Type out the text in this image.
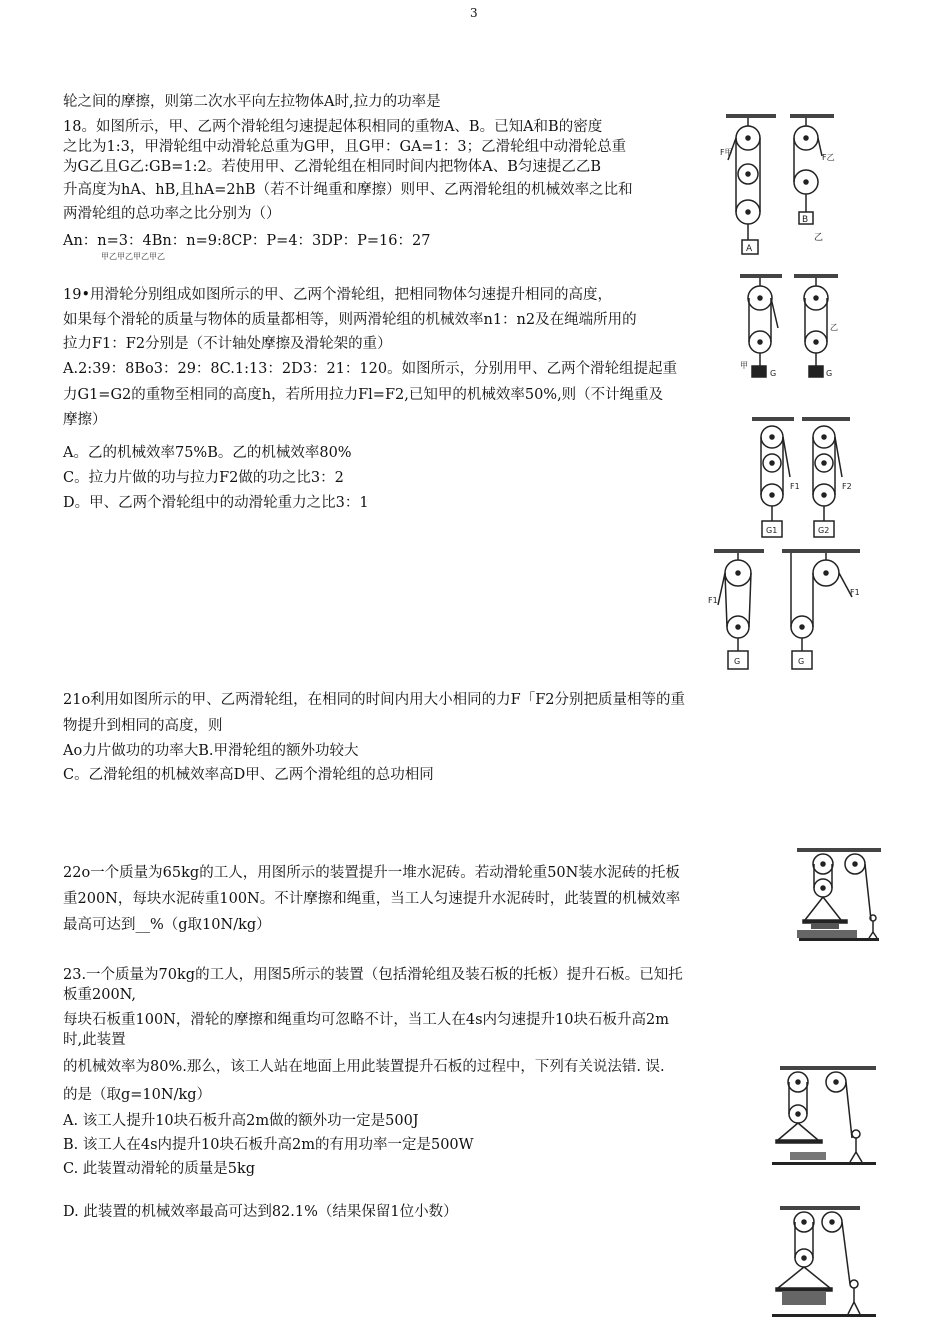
3
轮之间的摩擦，则第二次水平向左拉物体A时,拉力的功率是
18。如图所示，甲、乙两个滑轮组匀速提起体积相同的重物A、B。已知A和B的密度
之比为1:3，甲滑轮组中动滑轮总重为G甲，且G甲：GA=1：3；乙滑轮组中动滑轮总重
为G乙且G乙:GB=1:2。若使用甲、乙滑轮组在相同时间内把物体A、B匀速提乙乙B
升高度为hA、hB,且hA=2hB（若不计绳重和摩擦）则甲、乙两滑轮组的机械效率之比和
两滑轮组的总功率之比分别为（）
An：n=3：4Bn：n=9:8CP：P=4：3DP：P=16：27
甲乙甲乙甲乙甲乙
19•用滑轮分别组成如图所示的甲、乙两个滑轮组，把相同物体匀速提升相同的高度，
如果每个滑轮的质量与物体的质量都相等，则两滑轮组的机械效率n1：n2及在绳端所用的
拉力F1：F2分别是（不计轴处摩擦及滑轮架的重）
A.2:39：8Bo3：29：8C.1:13：2D3：21：120。如图所示，分别用甲、乙两个滑轮组提起重
力G1=G2的重物至相同的高度h，若所用拉力Fl=F2,已知甲的机械效率50%,则（不计绳重及
摩擦）
A。乙的机械效率75%B。乙的机械效率80%
C。拉力片做的功与拉力F2做的功之比3：2
D。甲、乙两个滑轮组中的动滑轮重力之比3：1
21o利用如图所示的甲、乙两滑轮组，在相同的时间内用大小相同的力F「F2分别把质量相等的重
物提升到相同的高度，则
Ao力片做功的功率大B.甲滑轮组的额外功较大
C。乙滑轮组的机械效率高D甲、乙两个滑轮组的总功相同
22o一个质量为65kg的工人，用图所示的装置提升一堆水泥砖。若动滑轮重50N装水泥砖的托板
重200N，每块水泥砖重100N。不计摩擦和绳重，当工人匀速提升水泥砖时，此装置的机械效率
最高可达到__%（g取10N/kg）
23.一个质量为70kg的工人，用图5所示的装置（包括滑轮组及装石板的托板）提升石板。已知托
板重200N,
每块石板重100N，滑轮的摩擦和绳重均可忽略不计，当工人在4s内匀速提升10块石板升高2m
时,此装置
的机械效率为80%.那么，该工人站在地面上用此装置提升石板的过程中，下列有关说法错. 误.
的是（取g=10N/kg）
A. 该工人提升10块石板升高2m做的额外功一定是500J
B. 该工人在4s内提升10块石板升高2m的有用功率一定是500W
C. 此装置动滑轮的质量是5kg
D. 此装置的机械效率最高可达到82.1%（结果保留1位小数）
F甲
F乙
A
B
乙
甲
乙
G	G
F1	F2
G1	G2
F1
F1
G	G
